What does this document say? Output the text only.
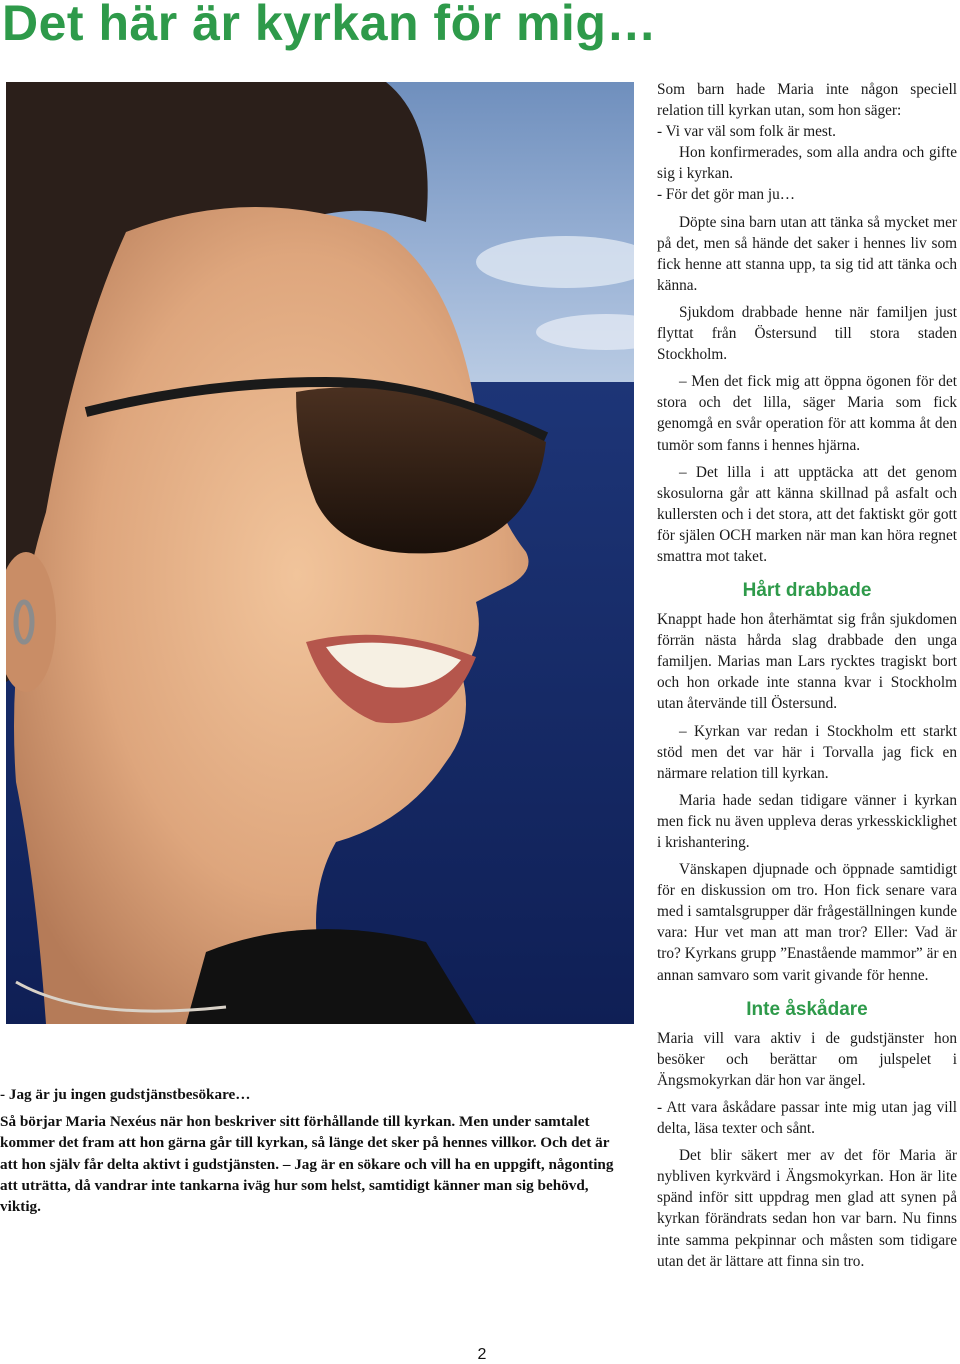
Det här är kyrkan för mig…

- Jag är ju ingen gudstjänstbesökare…

Så börjar Maria Nexéus när hon beskriver sitt förhållande till kyrkan. Men under samtalet kommer det fram att hon gärna går till kyrkan, så länge det sker på hennes villkor. Och det är att hon själv får delta aktivt i gudstjänsten. – Jag är en sökare och vill ha en uppgift, någonting att uträtta, då vandrar inte tankarna iväg hur som helst, samtidigt känner man sig behövd, viktig.

Som barn hade Maria inte någon speciell relation till kyrkan utan, som hon säger:

- Vi var väl som folk är mest.

Hon konfirmerades, som alla andra och gifte sig i kyrkan.

- För det gör man ju…

Döpte sina barn utan att tänka så mycket mer på det, men så hände det saker i hennes liv som fick henne att stanna upp, ta sig tid att tänka och känna.

Sjukdom drabbade henne när familjen just flyttat från Östersund till stora staden Stockholm.

– Men det fick mig att öppna ögonen för det stora och det lilla, säger Maria som fick genomgå en svår operation för att komma åt den tumör som fanns i hennes hjärna.

– Det lilla i att upptäcka att det genom skosulorna går att känna skillnad på asfalt och kullersten och i det stora, att det faktiskt gör gott för själen OCH marken när man kan höra regnet smattra mot taket.

Hårt drabbade

Knappt hade hon återhämtat sig från sjukdomen förrän nästa hårda slag drabbade den unga familjen. Marias man Lars rycktes tragiskt bort och hon orkade inte stanna kvar i Stockholm utan återvände till Östersund.

– Kyrkan var redan i Stockholm ett starkt stöd men det var här i Torvalla jag fick en närmare relation till kyrkan.

Maria hade sedan tidigare vänner i kyrkan men fick nu även uppleva deras yrkesskicklighet i krishantering.

Vänskapen djupnade och öppnade samtidigt för en diskussion om tro. Hon fick senare vara med i samtalsgrupper där frågeställningen kunde vara: Hur vet man att man tror? Eller: Vad är tro? Kyrkans grupp ”Enastående mammor” är en annan samvaro som varit givande för henne.

Inte åskådare

Maria vill vara aktiv i de gudstjänster hon besöker och berättar om julspelet i Ängsmokyrkan där hon var ängel.

- Att vara åskådare passar inte mig utan jag vill delta, läsa texter och sånt.

Det blir säkert mer av det för Maria är nybliven kyrkvärd i Ängsmokyrkan. Hon är lite spänd inför sitt uppdrag men glad att synen på kyrkan förändrats sedan hon var barn. Nu finns inte samma pekpinnar och måsten som tidigare utan det är lättare att finna sin tro.

2
